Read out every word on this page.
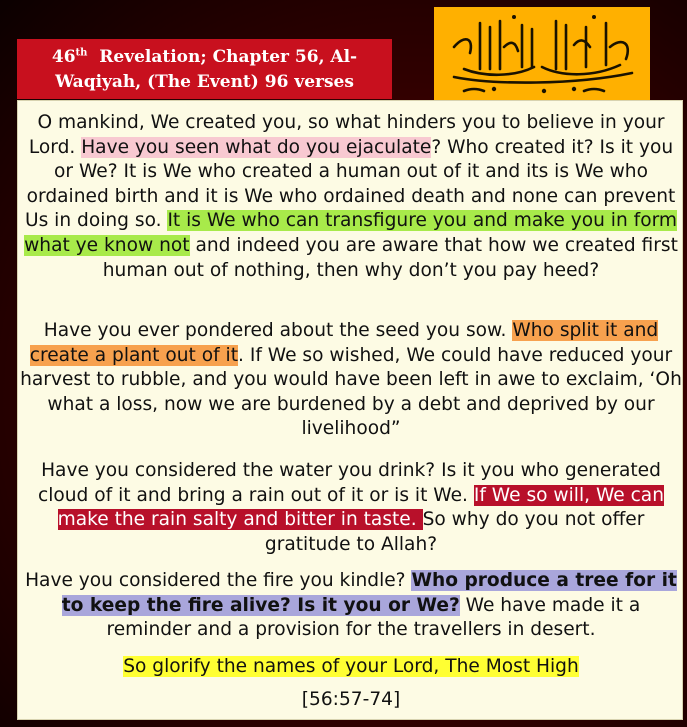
46th Revelation; Chapter 56, Al-
Waqiyah, (The Event) 96 verses
O mankind, We created you, so what hinders you to believe in your Lord. Have you seen what do you ejaculate? Who created it? Is it you or We? It is We who created a human out of it and its is We who ordained birth and it is We who ordained death and none can prevent Us in doing so. It is We who can transfigure you and make you in form what ye know not and indeed you are aware that how we created first human out of nothing, then why don’t you pay heed?
Have you ever pondered about the seed you sow. Who split it and create a plant out of it. If We so wished, We could have reduced your harvest to rubble, and you would have been left in awe to exclaim, ‘Oh what a loss, now we are burdened by a debt and deprived by our livelihood”
Have you considered the water you drink? Is it you who generated cloud of it and bring a rain out of it or is it We. If We so will, We can make the rain salty and bitter in taste. So why do you not offer gratitude to Allah?
Have you considered the fire you kindle? Who produce a tree for it to keep the fire alive? Is it you or We? We have made it a reminder and a provision for the travellers in desert.
So glorify the names of your Lord, The Most High
[56:57-74]
